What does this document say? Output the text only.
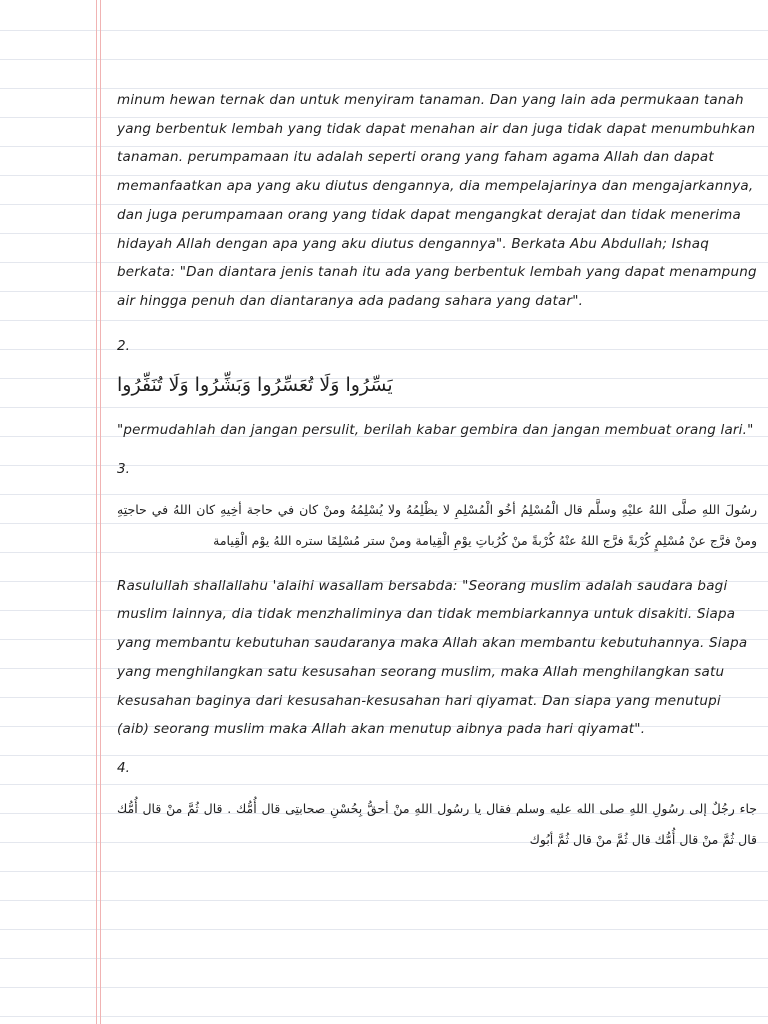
minum hewan ternak dan untuk menyiram tanaman. Dan yang lain ada permukaan tanah yang berbentuk lembah yang tidak dapat menahan air dan juga tidak dapat menumbuhkan tanaman. perumpamaan itu adalah seperti orang yang faham agama Allah dan dapat memanfaatkan apa yang aku diutus dengannya, dia mempelajarinya dan mengajarkannya, dan juga perumpamaan orang yang tidak dapat mengangkat derajat dan tidak menerima hidayah Allah dengan apa yang aku diutus dengannya". Berkata Abu Abdullah; Ishaq berkata: "Dan diantara jenis tanah itu ada yang berbentuk lembah yang dapat menampung air hingga penuh dan diantaranya ada padang sahara yang datar".

2.

يَسِّرُوا وَلَا تُعَسِّرُوا وَبَشِّرُوا وَلَا تُنَفِّرُوا

"permudahlah dan jangan persulit, berilah kabar gembira dan jangan membuat orang lari."

3.

رسُولَ اللهِ صلَّى اللهُ عليْهِ وسلَّم قال الْمُسْلِمُ أخُو الْمُسْلِمِ لا يظْلِمُهُ ولا يُسْلِمُهُ ومنْ كان في حاجة أخِيهِ كان اللهُ في حاجتِهِ ومنْ فرَّج عنْ مُسْلِمٍ كُرْبةً فرَّج اللهُ عنْهُ كُرْبةً منْ كُرُباتِ يوْمِ الْقِيامة ومنْ ستر مُسْلِمًا ستره اللهُ يوْم الْقِيامة

Rasulullah shallallahu 'alaihi wasallam bersabda: "Seorang muslim adalah saudara bagi muslim lainnya, dia tidak menzhaliminya dan tidak membiarkannya untuk disakiti. Siapa yang membantu kebutuhan saudaranya maka Allah akan membantu kebutuhannya. Siapa yang menghilangkan satu kesusahan seorang muslim, maka Allah menghilangkan satu kesusahan baginya dari kesusahan-kesusahan hari qiyamat. Dan siapa yang menutupi (aib) seorang muslim maka Allah akan menutup aibnya pada hari qiyamat".

4.

جاء رجُلٌ إلى رسُولِ اللهِ صلى الله عليه وسلم فقال يا رسُول اللهِ منْ أحقُّ بِحُسْنِ صحابتِى قال أُمُّك . قال ثُمَّ منْ قال أُمُّك قال ثُمَّ منْ قال أُمُّك قال ثُمَّ منْ قال ثُمَّ أبُوك
